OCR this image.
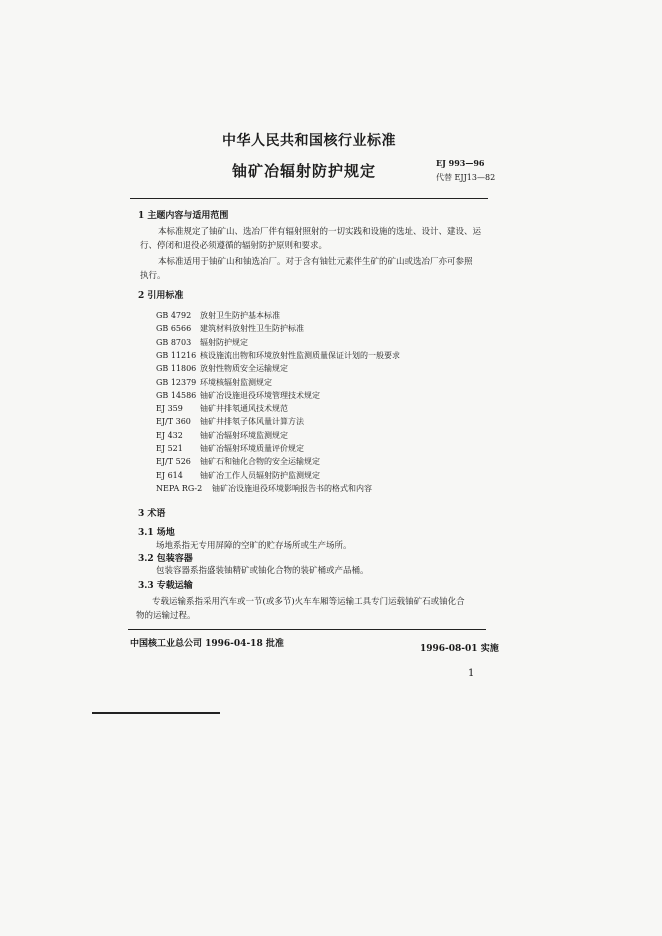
中华人民共和国核行业标准
铀矿冶辐射防护规定	EJ 993—96
代替 EJJ13—82
1 主题内容与适用范围
本标准规定了铀矿山、选冶厂伴有辐射照射的一切实践和设施的选址、设计、建设、运
行、停闭和退役必须遵循的辐射防护原则和要求。
本标准适用于铀矿山和铀选冶厂。对于含有铀钍元素伴生矿的矿山或选冶厂亦可参照
执行。
2 引用标准
GB 4792 放射卫生防护基本标准
GB 6566 建筑材料放射性卫生防护标准
GB 8703 辐射防护规定
GB 11216 核设施流出物和环境放射性监测质量保证计划的一般要求
GB 11806 放射性物质安全运输规定
GB 12379 环境核辐射监测规定
GB 14586 铀矿冶设施退役环境管理技术规定
EJ 359 铀矿井排氡通风技术规范
EJ/T 360 铀矿井排氡子体风量计算方法
EJ 432 铀矿冶辐射环境监测规定
EJ 521 铀矿冶辐射环境质量评价规定
EJ/T 526 铀矿石和铀化合物的安全运输规定
EJ 614 铀矿冶工作人员辐射防护监测规定
NEPA RG-2 铀矿冶设施退役环境影响报告书的格式和内容
3 术语
3.1 场地
场地系指无专用屏障的空旷的贮存场所或生产场所。
3.2 包装容器
包装容器系指盛装铀精矿或铀化合物的装矿桶或产品桶。
3.3 专载运输
专载运输系指采用汽车或一节(或多节)火车车厢等运输工具专门运载铀矿石或铀化合
物的运输过程。
中国核工业总公司 1996-04-18 批准	1996-08-01 实施
1
